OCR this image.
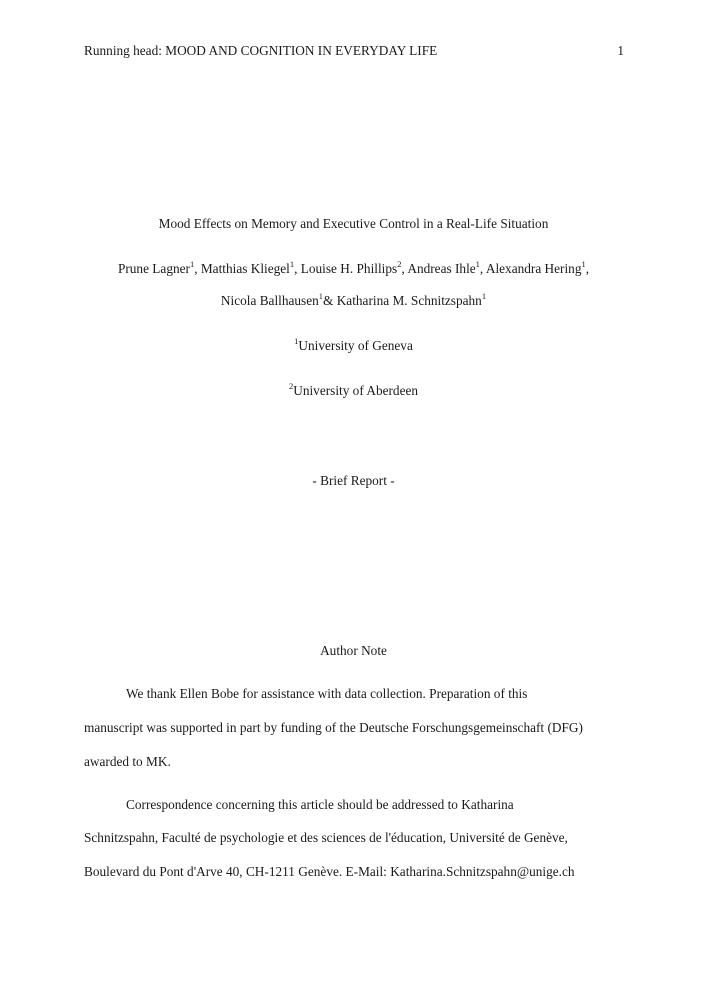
Running head: MOOD AND COGNITION IN EVERYDAY LIFE	1
Mood Effects on Memory and Executive Control in a Real-Life Situation
Prune Lagner$^1$, Matthias Kliegel$^1$, Louise H. Phillips$^2$, Andreas Ihle$^1$, Alexandra Hering$^1$,
Nicola Ballhausen$^1$& Katharina M. Schnitzspahn$^1$
$^1$University of Geneva
$^2$University of Aberdeen
- Brief Report -
Author Note
We thank Ellen Bobe for assistance with data collection. Preparation of this
manuscript was supported in part by funding of the Deutsche Forschungsgemeinschaft (DFG)
awarded to MK.
Correspondence concerning this article should be addressed to Katharina
Schnitzspahn, Faculté de psychologie et des sciences de l'éducation, Université de Genève,
Boulevard du Pont d'Arve 40, CH-1211 Genève. E-Mail: Katharina.Schnitzspahn@unige.ch
